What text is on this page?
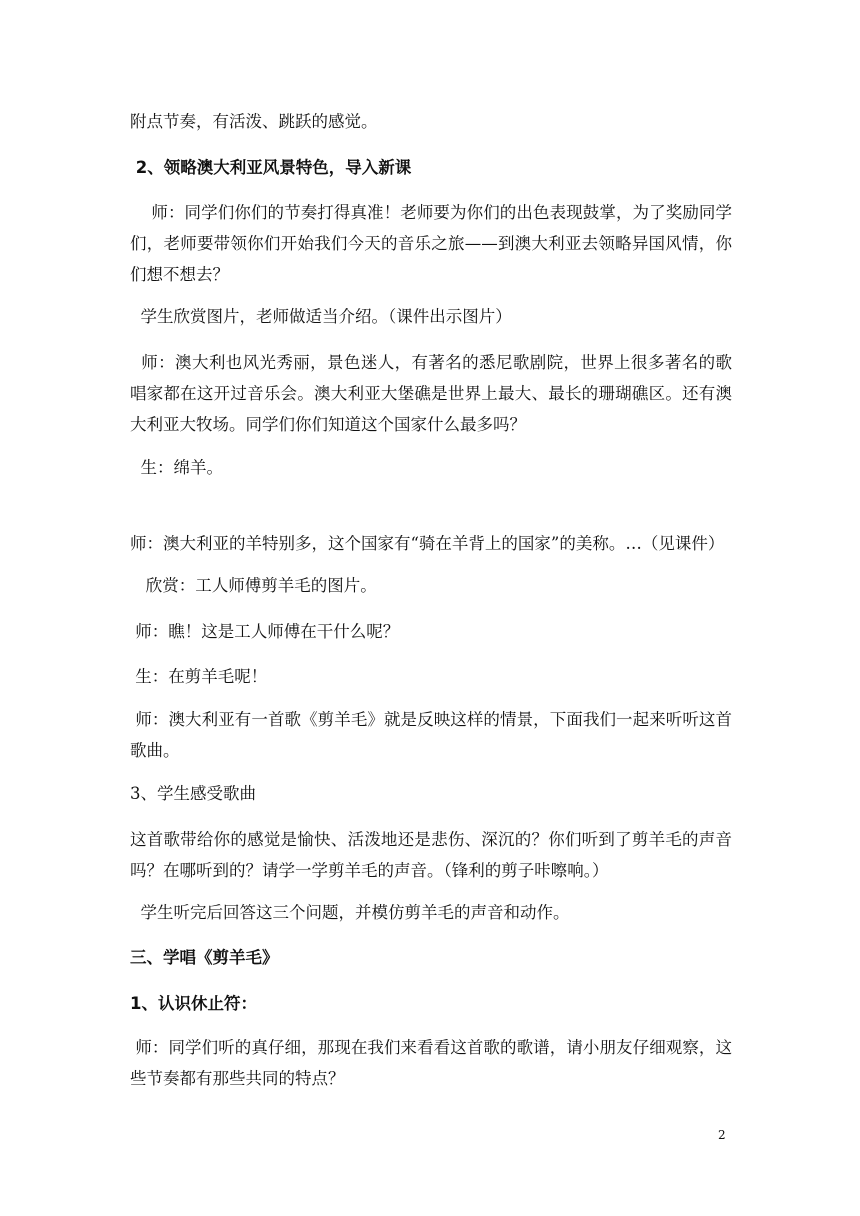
附点节奏，有活泼、跳跃的感觉。
2、领略澳大利亚风景特色，导入新课
师：同学们你们的节奏打得真准！老师要为你们的出色表现鼓掌，为了奖励同学们，老师要带领你们开始我们今天的音乐之旅——到澳大利亚去领略异国风情，你们想不想去？
学生欣赏图片，老师做适当介绍。（课件出示图片）
师：澳大利也风光秀丽，景色迷人，有著名的悉尼歌剧院，世界上很多著名的歌唱家都在这开过音乐会。澳大利亚大堡礁是世界上最大、最长的珊瑚礁区。还有澳大利亚大牧场。同学们你们知道这个国家什么最多吗？
生：绵羊。
师：澳大利亚的羊特别多，这个国家有“骑在羊背上的国家”的美称。…（见课件）
欣赏：工人师傅剪羊毛的图片。
师：瞧！这是工人师傅在干什么呢？
生：在剪羊毛呢！
师：澳大利亚有一首歌《剪羊毛》就是反映这样的情景，下面我们一起来听听这首歌曲。
3、学生感受歌曲
这首歌带给你的感觉是愉快、活泼地还是悲伤、深沉的？你们听到了剪羊毛的声音吗？在哪听到的？请学一学剪羊毛的声音。（锋利的剪子咔嚓响。）
学生听完后回答这三个问题，并模仿剪羊毛的声音和动作。
三、学唱《剪羊毛》
1、认识休止符：
师：同学们听的真仔细，那现在我们来看看这首歌的歌谱，请小朋友仔细观察，这些节奏都有那些共同的特点？
2
